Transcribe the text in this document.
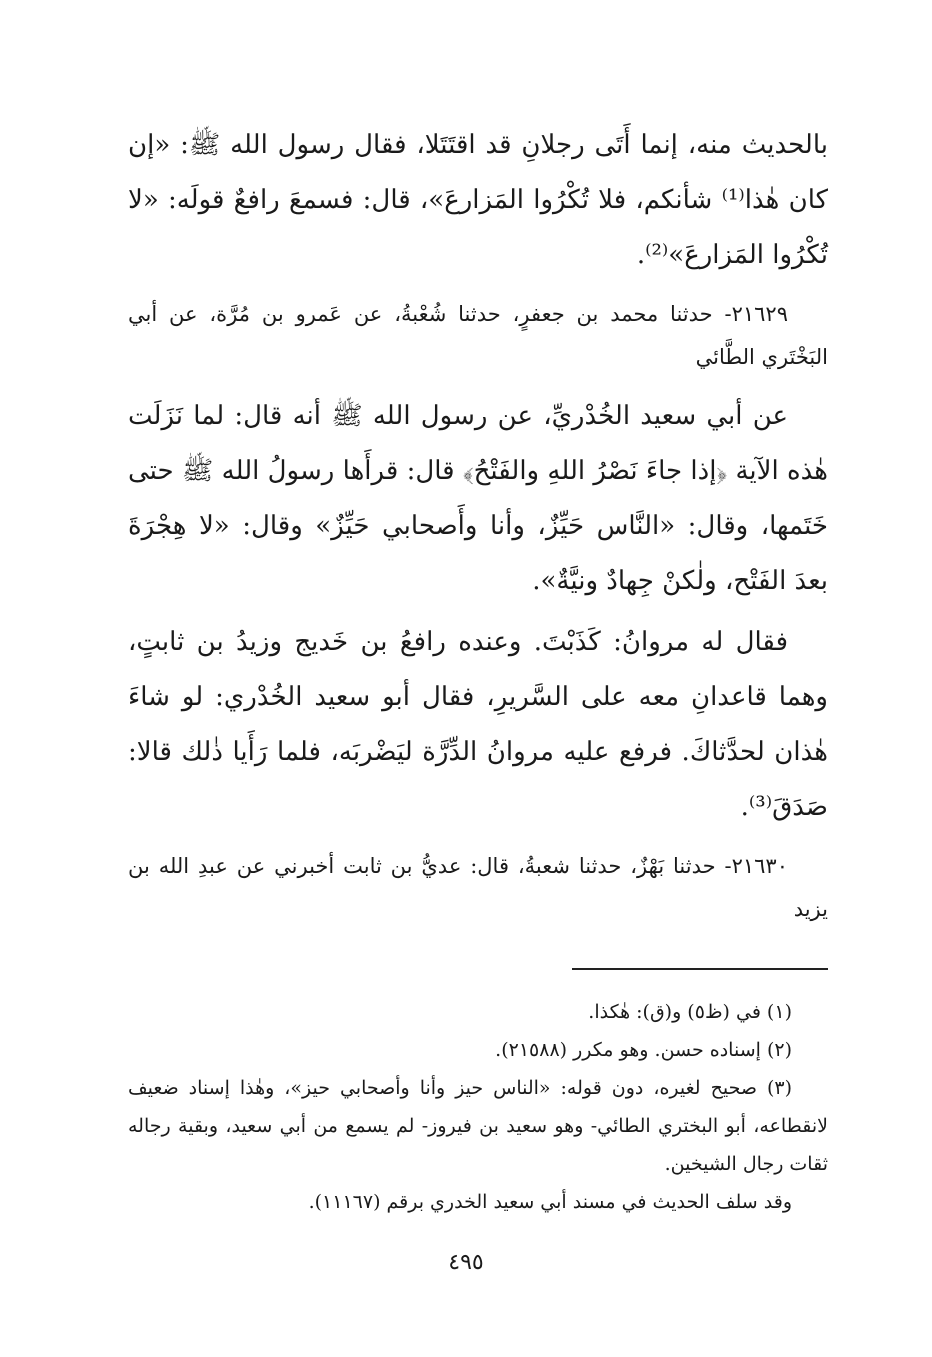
بالحديث منه، إنما أَتَى رجلانِ قد اقتَتَلا، فقال رسول الله ﷺ: «إن كان هٰذا⁽¹⁾ شأنكم، فلا تُكْرُوا المَزارعَ»، قال: فسمعَ رافعٌ قولَه: «لا تُكْرُوا المَزارعَ»⁽²⁾.

٢١٦٢٩- حدثنا محمد بن جعفرٍ، حدثنا شُعْبةُ، عن عَمرو بن مُرَّة، عن أبي البَخْتَري الطَّائي

عن أبي سعيد الخُدْريِّ، عن رسول الله ﷺ أنه قال: لما نَزَلَت هٰذه الآية ﴿إذا جاءَ نَصْرُ اللهِ والفَتْحُ﴾ قال: قرأَها رسولُ الله ﷺ حتى خَتَمها، وقال: «النَّاس حَيِّزٌ، وأنا وأَصحابي حَيِّزٌ» وقال: «لا هِجْرَةَ بعدَ الفَتْح، ولٰكنْ جِهادٌ ونيَّةٌ».

فقال له مروانُ: كَذَبْتَ. وعنده رافعُ بن خَديج وزيدُ بن ثابتٍ، وهما قاعدانِ معه على السَّريرِ، فقال أبو سعيد الخُدْري: لو شاءَ هٰذان لحدَّثاكَ. فرفع عليه مروانُ الدِّرَّة ليَضْربَه، فلما رَأَيا ذٰلك قالا: صَدَقَ⁽³⁾.

٢١٦٣٠- حدثنا بَهْزٌ، حدثنا شعبةُ، قال: عديُّ بن ثابت أخبرني عن عبدِ الله بن يزيد

(١) في (ظ٥) و(ق): هٰكذا.

(٢) إسناده حسن. وهو مكرر (٢١٥٨٨).

(٣) صحيح لغيره، دون قوله: «الناس حيز وأنا وأصحابي حيز»، وهٰذا إسناد ضعيف لانقطاعه، أبو البختري الطائي- وهو سعيد بن فيروز- لم يسمع من أبي سعيد، وبقية رجاله ثقات رجال الشيخين.

وقد سلف الحديث في مسند أبي سعيد الخدري برقم (١١١٦٧).

٤٩٥
